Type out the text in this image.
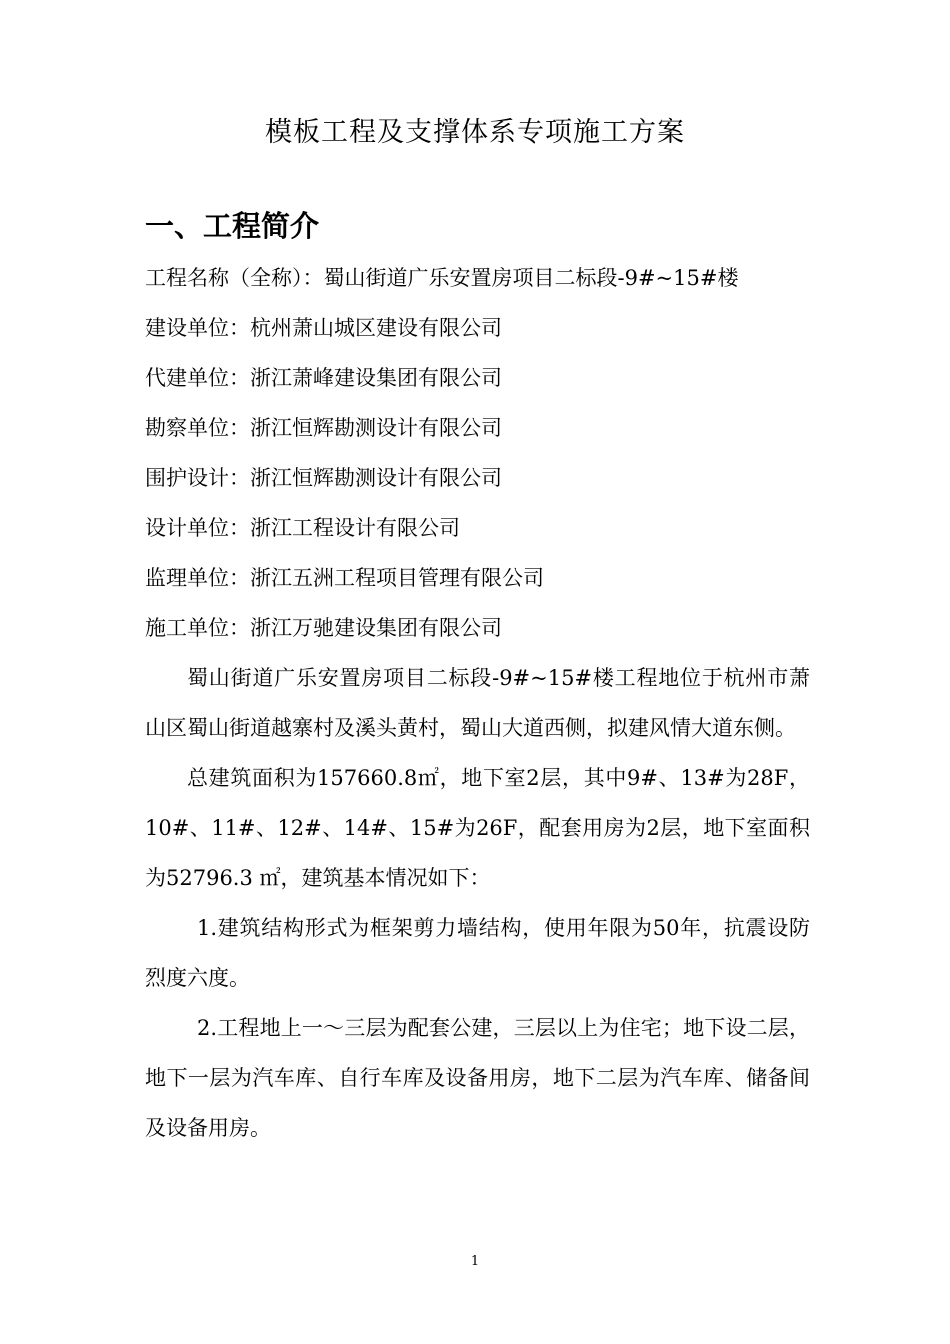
模板工程及支撑体系专项施工方案
一、工程简介
工程名称（全称）：蜀山街道广乐安置房项目二标段-9#~15#楼
建设单位：杭州萧山城区建设有限公司
代建单位：浙江萧峰建设集团有限公司
勘察单位：浙江恒辉勘测设计有限公司
围护设计：浙江恒辉勘测设计有限公司
设计单位：浙江工程设计有限公司
监理单位：浙江五洲工程项目管理有限公司
施工单位：浙江万驰建设集团有限公司
蜀山街道广乐安置房项目二标段-9#~15#楼工程地位于杭州市萧山区蜀山街道越寨村及溪头黄村，蜀山大道西侧，拟建风情大道东侧。
总建筑面积为157660.8㎡，地下室2层，其中9#、13#为28F，10#、11#、12#、14#、15#为26F，配套用房为2层，地下室面积为52796.3 ㎡，建筑基本情况如下：
1.建筑结构形式为框架剪力墙结构，使用年限为50年，抗震设防烈度六度。
2.工程地上一～三层为配套公建，三层以上为住宅；地下设二层，地下一层为汽车库、自行车库及设备用房，地下二层为汽车库、储备间及设备用房。
1
